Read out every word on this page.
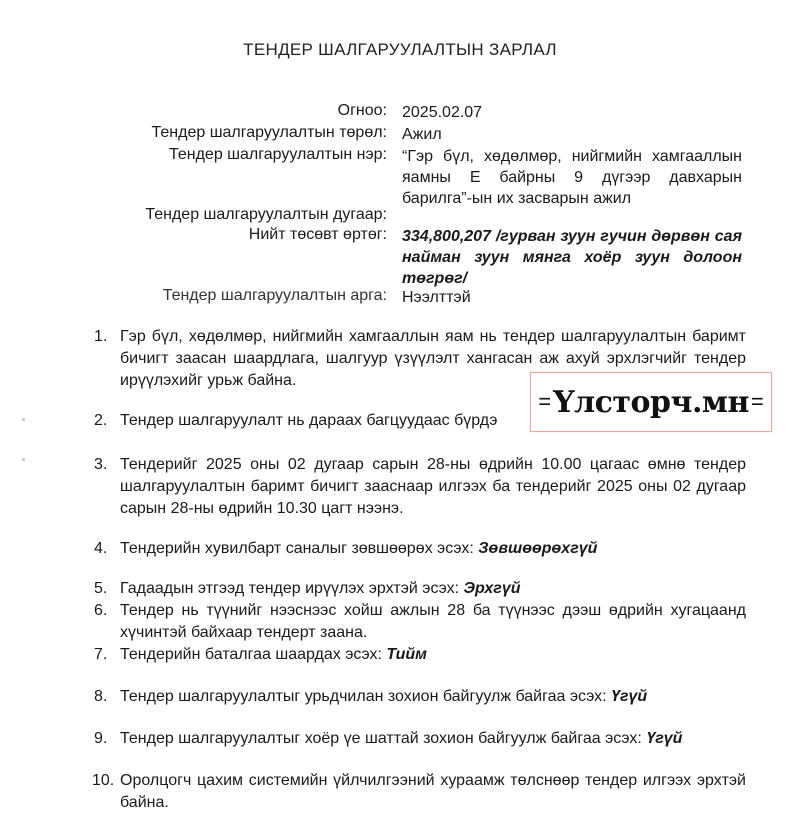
ТЕНДЕР ШАЛГАРУУЛАЛТЫН ЗАРЛАЛ
Огноо: 2025.02.07
Тендер шалгаруулалтын төрөл: Ажил
Тендер шалгаруулалтын нэр: “Гэр бүл, хөдөлмөр, нийгмийн хамгааллын яамны Е байрны 9 дүгээр давхарын барилга”-ын их засварын ажил
Тендер шалгаруулалтын дугаар:
Нийт төсөвт өртөг: 334,800,207 /гурван зуун гучин дөрвөн сая найман зуун мянга хоёр зуун долоон төгрөг/
Тендер шалгаруулалтын арга: Нээлттэй
1. Гэр бүл, хөдөлмөр, нийгмийн хамгааллын яам нь тендер шалгаруулалтын баримт бичигт заасан шаардлага, шалгуур үзүүлэлт хангасан аж ахуй эрхлэгчийг тендер ирүүлэхийг урьж байна.
2. Тендер шалгаруулалт нь дараах багцуудаас бүрдэ
3. Тендерийг 2025 оны 02 дугаар сарын 28-ны өдрийн 10.00 цагаас өмнө тендер шалгаруулалтын баримт бичигт зааснаар илгээх ба тендерийг 2025 оны 02 дугаар сарын 28-ны өдрийн 10.30 цагт нээнэ.
4. Тендерийн хувилбарт саналыг зөвшөөрөх эсэх: Зөвшөөрөхгүй
5. Гадаадын этгээд тендер ирүүлэх эрхтэй эсэх: Эрхгүй
6. Тендер нь түүнийг нээснээс хойш ажлын 28 ба түүнээс дээш өдрийн хугацаанд хүчинтэй байхаар тендерт заана.
7. Тендерийн баталгаа шаардах эсэх: Тийм
8. Тендер шалгаруулалтыг урьдчилан зохион байгуулж байгаа эсэх: Үгүй
9. Тендер шалгаруулалтыг хоёр үе шаттай зохион байгуулж байгаа эсэх: Үгүй
10. Оролцогч цахим системийн үйлчилгээний хураамж төлснөөр тендер илгээх эрхтэй байна.
= Үлсторч.мн =
